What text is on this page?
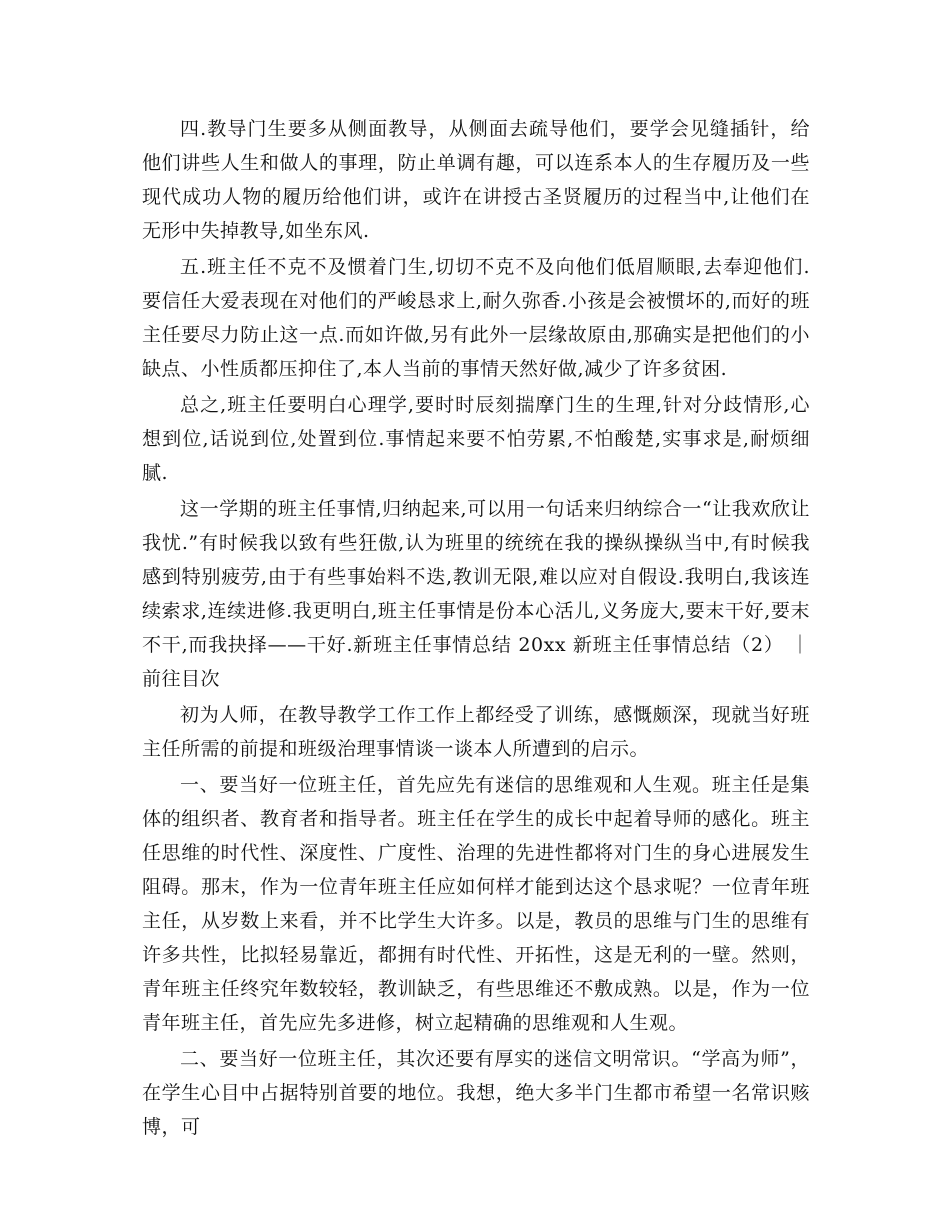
四.教导门生要多从侧面教导，从侧面去疏导他们，要学会见缝插针，给他们讲些人生和做人的事理，防止单调有趣，可以连系本人的生存履历及一些现代成功人物的履历给他们讲，或许在讲授古圣贤履历的过程当中,让他们在无形中失掉教导,如坐东风.

五.班主任不克不及惯着门生,切切不克不及向他们低眉顺眼,去奉迎他们.要信任大爱表现在对他们的严峻恳求上,耐久弥香.小孩是会被惯坏的,而好的班主任要尽力防止这一点.而如许做,另有此外一层缘故原由,那确实是把他们的小缺点、小性质都压抑住了,本人当前的事情天然好做,减少了许多贫困.

总之,班主任要明白心理学,要时时辰刻揣摩门生的生理,针对分歧情形,心想到位,话说到位,处置到位.事情起来要不怕劳累,不怕酸楚,实事求是,耐烦细腻.

这一学期的班主任事情,归纳起来,可以用一句话来归纳综合一“让我欢欣让我忧.”有时候我以致有些狂傲,认为班里的统统在我的操纵操纵当中,有时候我感到特别疲劳,由于有些事始料不迭,教训无限,难以应对自假设.我明白,我该连续索求,连续进修.我更明白,班主任事情是份本心活儿,义务庞大,要末干好,要末不干,而我抉择——干好.新班主任事情总结 20xx 新班主任事情总结（2） ｜ 前往目次

初为人师，在教导教学工作工作上都经受了训练，感慨颇深，现就当好班主任所需的前提和班级治理事情谈一谈本人所遭到的启示。

一、要当好一位班主任，首先应先有迷信的思维观和人生观。班主任是集体的组织者、教育者和指导者。班主任在学生的成长中起着导师的感化。班主任思维的时代性、深度性、广度性、治理的先进性都将对门生的身心进展发生阻碍。那末，作为一位青年班主任应如何样才能到达这个恳求呢？一位青年班主任，从岁数上来看，并不比学生大许多。以是，教员的思维与门生的思维有许多共性，比拟轻易靠近，都拥有时代性、开拓性，这是无利的一壁。然则，青年班主任终究年数较轻，教训缺乏，有些思维还不敷成熟。以是，作为一位青年班主任，首先应先多进修，树立起精确的思维观和人生观。

二、要当好一位班主任，其次还要有厚实的迷信文明常识。“学高为师”，在学生心目中占据特别首要的地位。我想，绝大多半门生都市希望一名常识赅博，可
